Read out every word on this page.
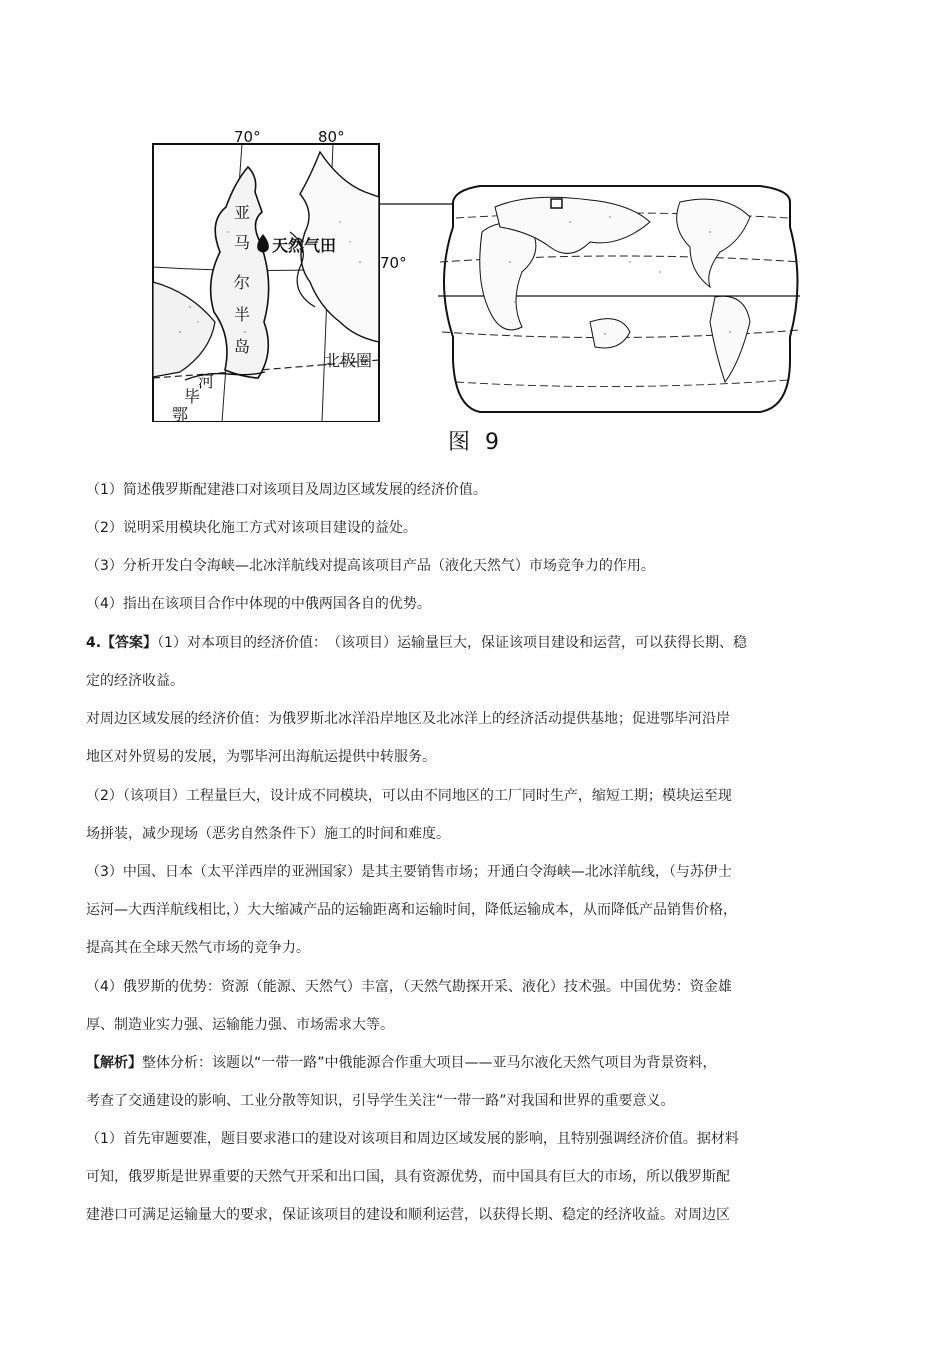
70°	80°
70°
亚
马
尔
半
岛
天然气田
北极圈
河
毕
鄂
图 9
（1）简述俄罗斯配建港口对该项目及周边区域发展的经济价值。
（2）说明采用模块化施工方式对该项目建设的益处。
（3）分析开发白令海峡—北冰洋航线对提高该项目产品（液化天然气）市场竞争力的作用。
（4）指出在该项目合作中体现的中俄两国各自的优势。
4.【答案】（1）对本项目的经济价值：　（该项目）运输量巨大，保证该项目建设和运营，可以获得长期、稳
定的经济收益。
对周边区域发展的经济价值：为俄罗斯北冰洋沿岸地区及北冰洋上的经济活动提供基地；促进鄂毕河沿岸
地区对外贸易的发展，为鄂毕河出海航运提供中转服务。
（2）（该项目）工程量巨大，设计成不同模块，可以由不同地区的工厂同时生产，缩短工期；模块运至现
场拼装，减少现场（恶劣自然条件下）施工的时间和难度。
（3）中国、日本（太平洋西岸的亚洲国家）是其主要销售市场；开通白令海峡—北冰洋航线，（与苏伊士
运河—大西洋航线相比，）大大缩减产品的运输距离和运输时间，降低运输成本，从而降低产品销售价格，
提高其在全球天然气市场的竞争力。
（4）俄罗斯的优势：资源（能源、天然气）丰富，（天然气勘探开采、液化）技术强。中国优势：资金雄
厚、制造业实力强、运输能力强、市场需求大等。
【解析】整体分析：该题以“一带一路”中俄能源合作重大项目——亚马尔液化天然气项目为背景资料，
考查了交通建设的影响、工业分散等知识，引导学生关注“一带一路”对我国和世界的重要意义。
（1）首先审题要准，题目要求港口的建设对该项目和周边区域发展的影响，且特别强调经济价值。据材料
可知，俄罗斯是世界重要的天然气开采和出口国，具有资源优势，而中国具有巨大的市场，所以俄罗斯配
建港口可满足运输量大的要求，保证该项目的建设和顺利运营，以获得长期、稳定的经济收益。对周边区
